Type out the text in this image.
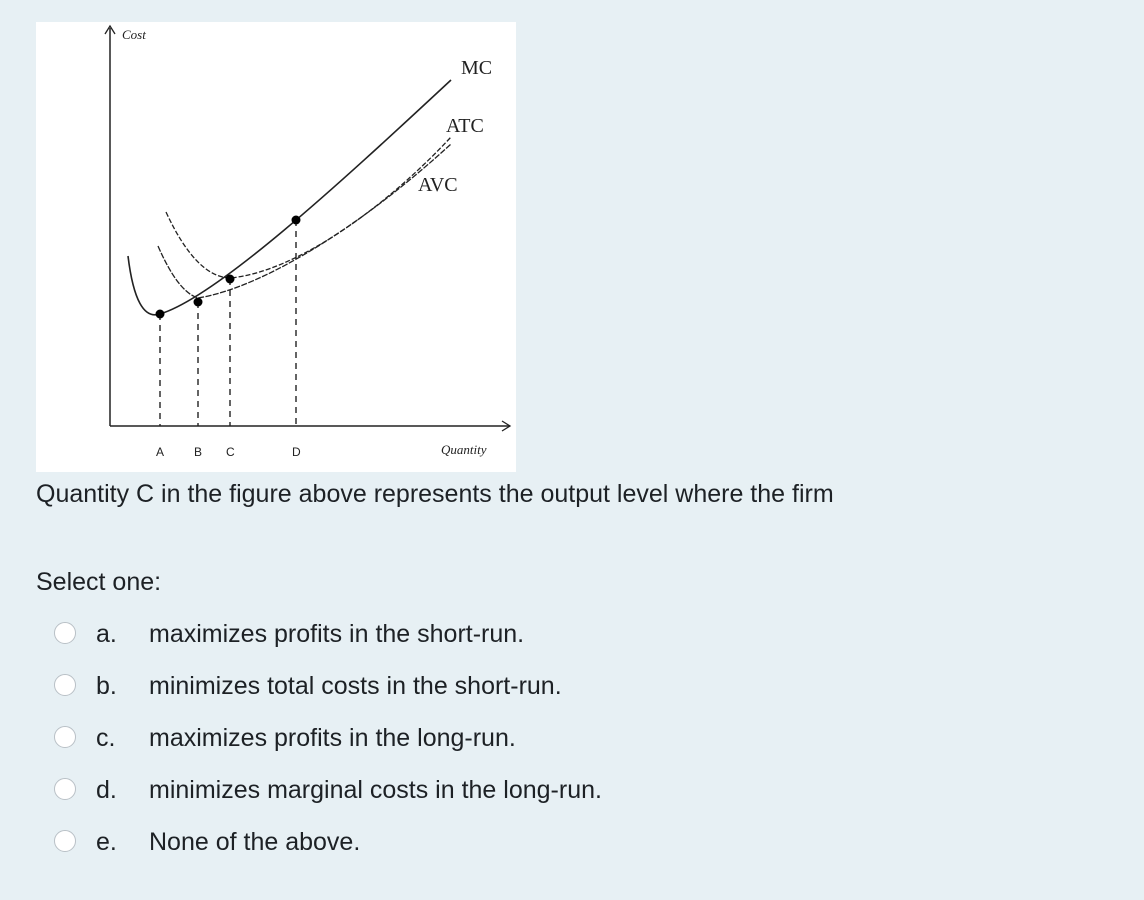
Cost
Quantity
MC
ATC
AVC
A B C	D
Quantity C in the figure above represents the output level where the firm
Select one:
a. maximizes profits in the short-run.
b. minimizes total costs in the short-run.
c. maximizes profits in the long-run.
d. minimizes marginal costs in the long-run.
e. None of the above.
